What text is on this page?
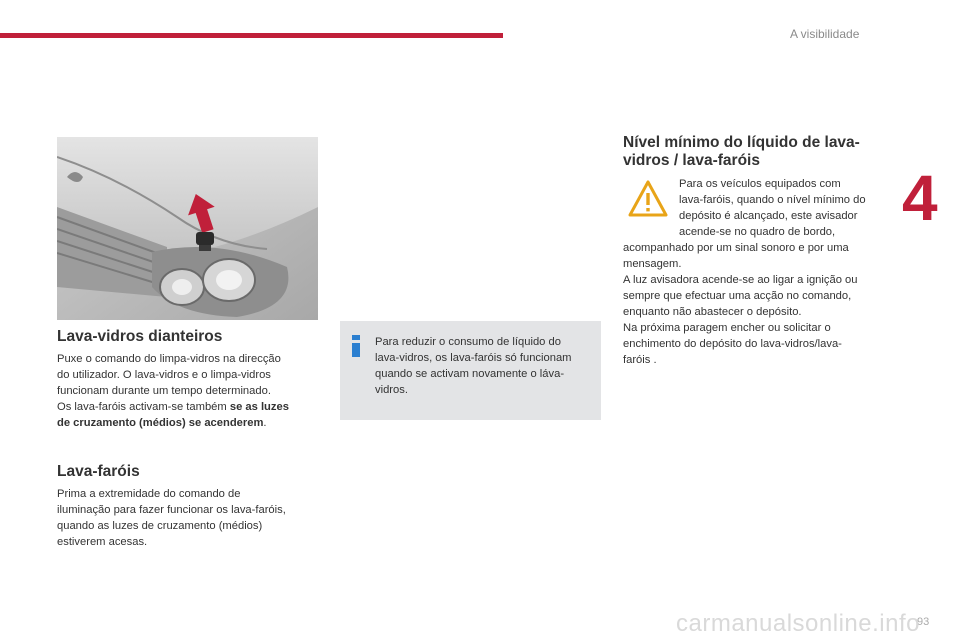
A visibilidade
4
Lava-vidros dianteiros
Puxe o comando do limpa-vidros na direcção
do utilizador. O lava-vidros e o limpa-vidros
funcionam durante um tempo determinado.
Os lava-faróis activam-se também se as luzes
de cruzamento (médios) se acenderem.
Lava-faróis
Prima a extremidade do comando de
iluminação para fazer funcionar os lava-faróis,
quando as luzes de cruzamento (médios)
estiverem acesas.
Para reduzir o consumo de líquido do
lava-vidros, os lava-faróis só funcionam
quando se activam novamente o láva-
vidros.
Nível mínimo do líquido de lava-
vidros / lava-faróis
Para os veículos equipados com
lava-faróis, quando o nível mínimo do
depósito é alcançado, este avisador
acende-se no quadro de bordo,
acompanhado por um sinal sonoro e por uma
mensagem.
A luz avisadora acende-se ao ligar a ignição ou
sempre que efectuar uma acção no comando,
enquanto não abastecer o depósito.
Na próxima paragem encher ou solicitar o
enchimento do depósito do lava-vidros/lava-
faróis .
93
carmanualsonline.info
